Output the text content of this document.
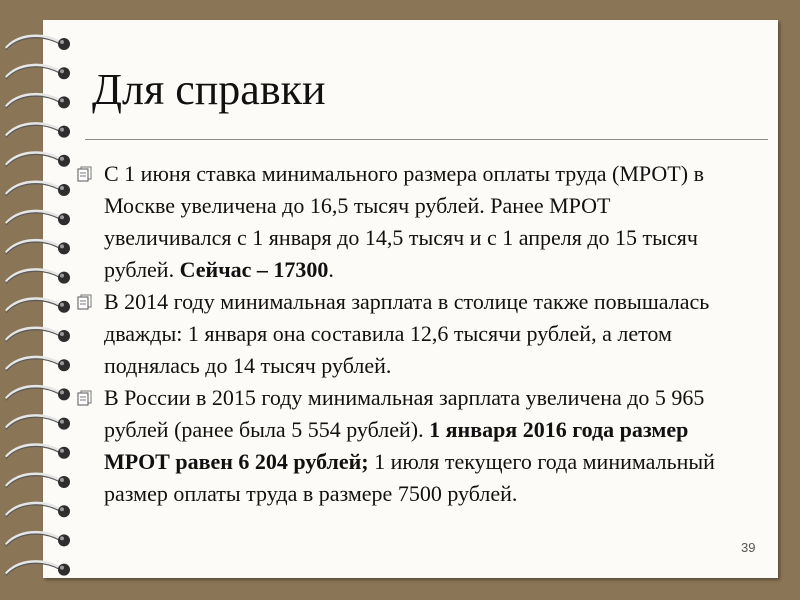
Для справки
С 1 июня ставка минимального размера оплаты труда (МРОТ) в Москве увеличена до 16,5 тысяч рублей. Ранее МРОТ увеличивался с 1 января до 14,5 тысяч и с 1 апреля до 15 тысяч рублей. Сейчас – 17300.
В 2014 году минимальная зарплата в столице также повышалась дважды: 1 января она составила 12,6 тысячи рублей, а летом поднялась до 14 тысяч рублей.
В России в 2015 году минимальная зарплата увеличена до 5 965 рублей (ранее была 5 554 рублей). 1 января 2016 года размер МРОТ равен 6 204 рублей; 1 июля текущего года минимальный размер оплаты труда в размере 7500 рублей.
39
